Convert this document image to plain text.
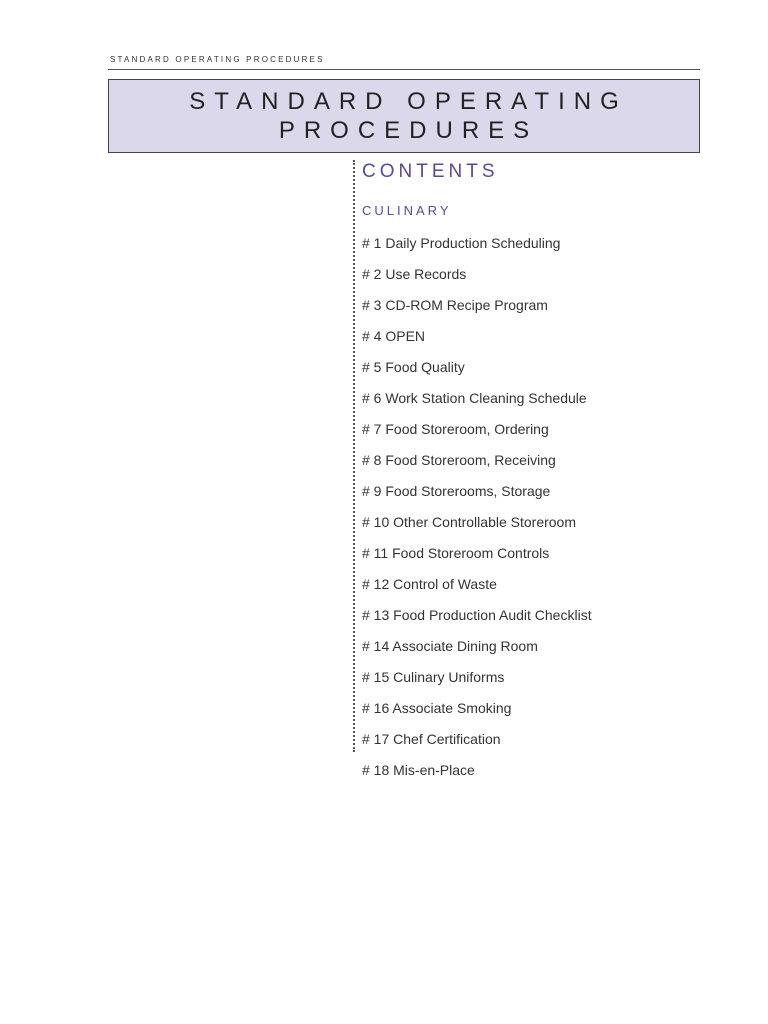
STANDARD OPERATING PROCEDURES
STANDARD OPERATING
PROCEDURES
CONTENTS
CULINARY
# 1 Daily Production Scheduling
# 2 Use Records
# 3 CD-ROM Recipe Program
# 4 OPEN
# 5 Food Quality
# 6 Work Station Cleaning Schedule
# 7 Food Storeroom, Ordering
# 8 Food Storeroom, Receiving
# 9 Food Storerooms, Storage
# 10 Other Controllable Storeroom
# 11 Food Storeroom Controls
# 12 Control of Waste
# 13 Food Production Audit Checklist
# 14 Associate Dining Room
# 15 Culinary Uniforms
# 16 Associate Smoking
# 17 Chef Certification
# 18 Mis-en-Place
